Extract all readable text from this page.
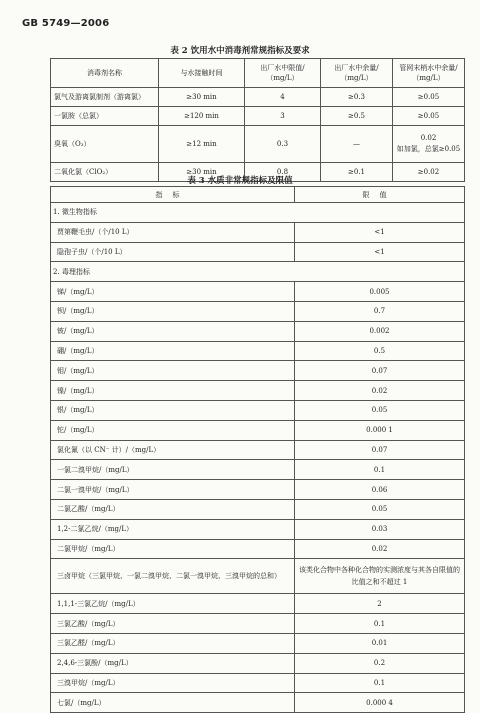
GB 5749—2006
表 2 饮用水中消毒剂常规指标及要求
消毒剂名称	与水接触时间	出厂水中限值/（mg/L）	出厂水中余量/（mg/L）	管网末梢水中余量/（mg/L）
氯气及游离氯制剂（游离氯）	≥30 min	4	≥0.3	≥0.05
一氯胺（总氯）	≥120 min	3	≥0.5	≥0.05
臭氧（O₃）	≥12 min	0.3	—	0.02
如加氯，总氯≥0.05

二氧化氯（ClO₂）	≥30 min	0.8	≥0.1	≥0.02
表 3 水质非常规指标及限值
指标	限值
1. 微生物指标	
贾第鞭毛虫/（个/10 L）	<1
隐孢子虫/（个/10 L）	<1
2. 毒理指标	
锑/（mg/L）	0.005
钡/（mg/L）	0.7
铍/（mg/L）	0.002
硼/（mg/L）	0.5
钼/（mg/L）	0.07
镍/（mg/L）	0.02
银/（mg/L）	0.05
铊/（mg/L）	0.000 1
氯化氰（以 CN⁻ 计）/（mg/L）	0.07
一氯二溴甲烷/（mg/L）	0.1
二氯一溴甲烷/（mg/L）	0.06
二氯乙酸/（mg/L）	0.05
1,2-二氯乙烷/（mg/L）	0.03
二氯甲烷/（mg/L）	0.02
三卤甲烷（三氯甲烷、一氯二溴甲烷、二氯一溴甲烷、三溴甲烷的总和）	该类化合物中各种化合物的实测浓度与其各自限值的比值之和不超过 1
1,1,1-三氯乙烷/（mg/L）	2
三氯乙酸/（mg/L）	0.1
三氯乙醛/（mg/L）	0.01
2,4,6-三氯酚/（mg/L）	0.2
三溴甲烷/（mg/L）	0.1
七氯/（mg/L）	0.000 4
